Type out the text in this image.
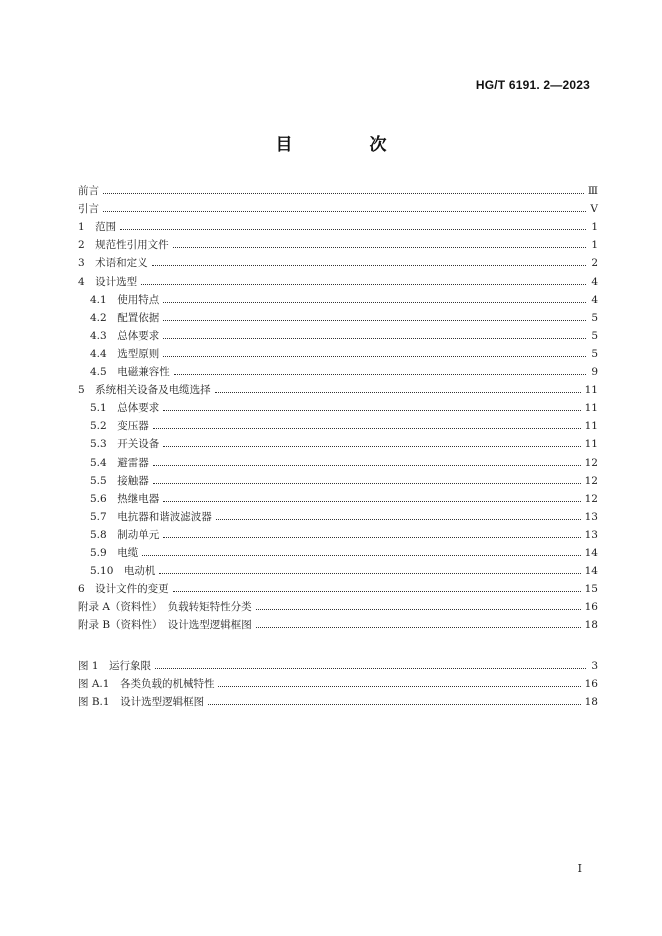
HG/T 6191. 2—2023
目　次
前言	Ⅲ
引言	Ⅴ
1　范围	1
2　规范性引用文件	1
3　术语和定义	2
4　设计选型	4
4.1　使用特点	4
4.2　配置依据	5
4.3　总体要求	5
4.4　选型原则	5
4.5　电磁兼容性	9
5　系统相关设备及电缆选择	11
5.1　总体要求	11
5.2　变压器	11
5.3　开关设备	11
5.4　避雷器	12
5.5　接触器	12
5.6　热继电器	12
5.7　电抗器和谐波滤波器	13
5.8　制动单元	13
5.9　电缆	14
5.10　电动机	14
6　设计文件的变更	15
附录 A（资料性）　负载转矩特性分类	16
附录 B（资料性）　设计选型逻辑框图	18
图 1　运行象限	3
图 A.1　各类负载的机械特性	16
图 B.1　设计选型逻辑框图	18
Ⅰ
